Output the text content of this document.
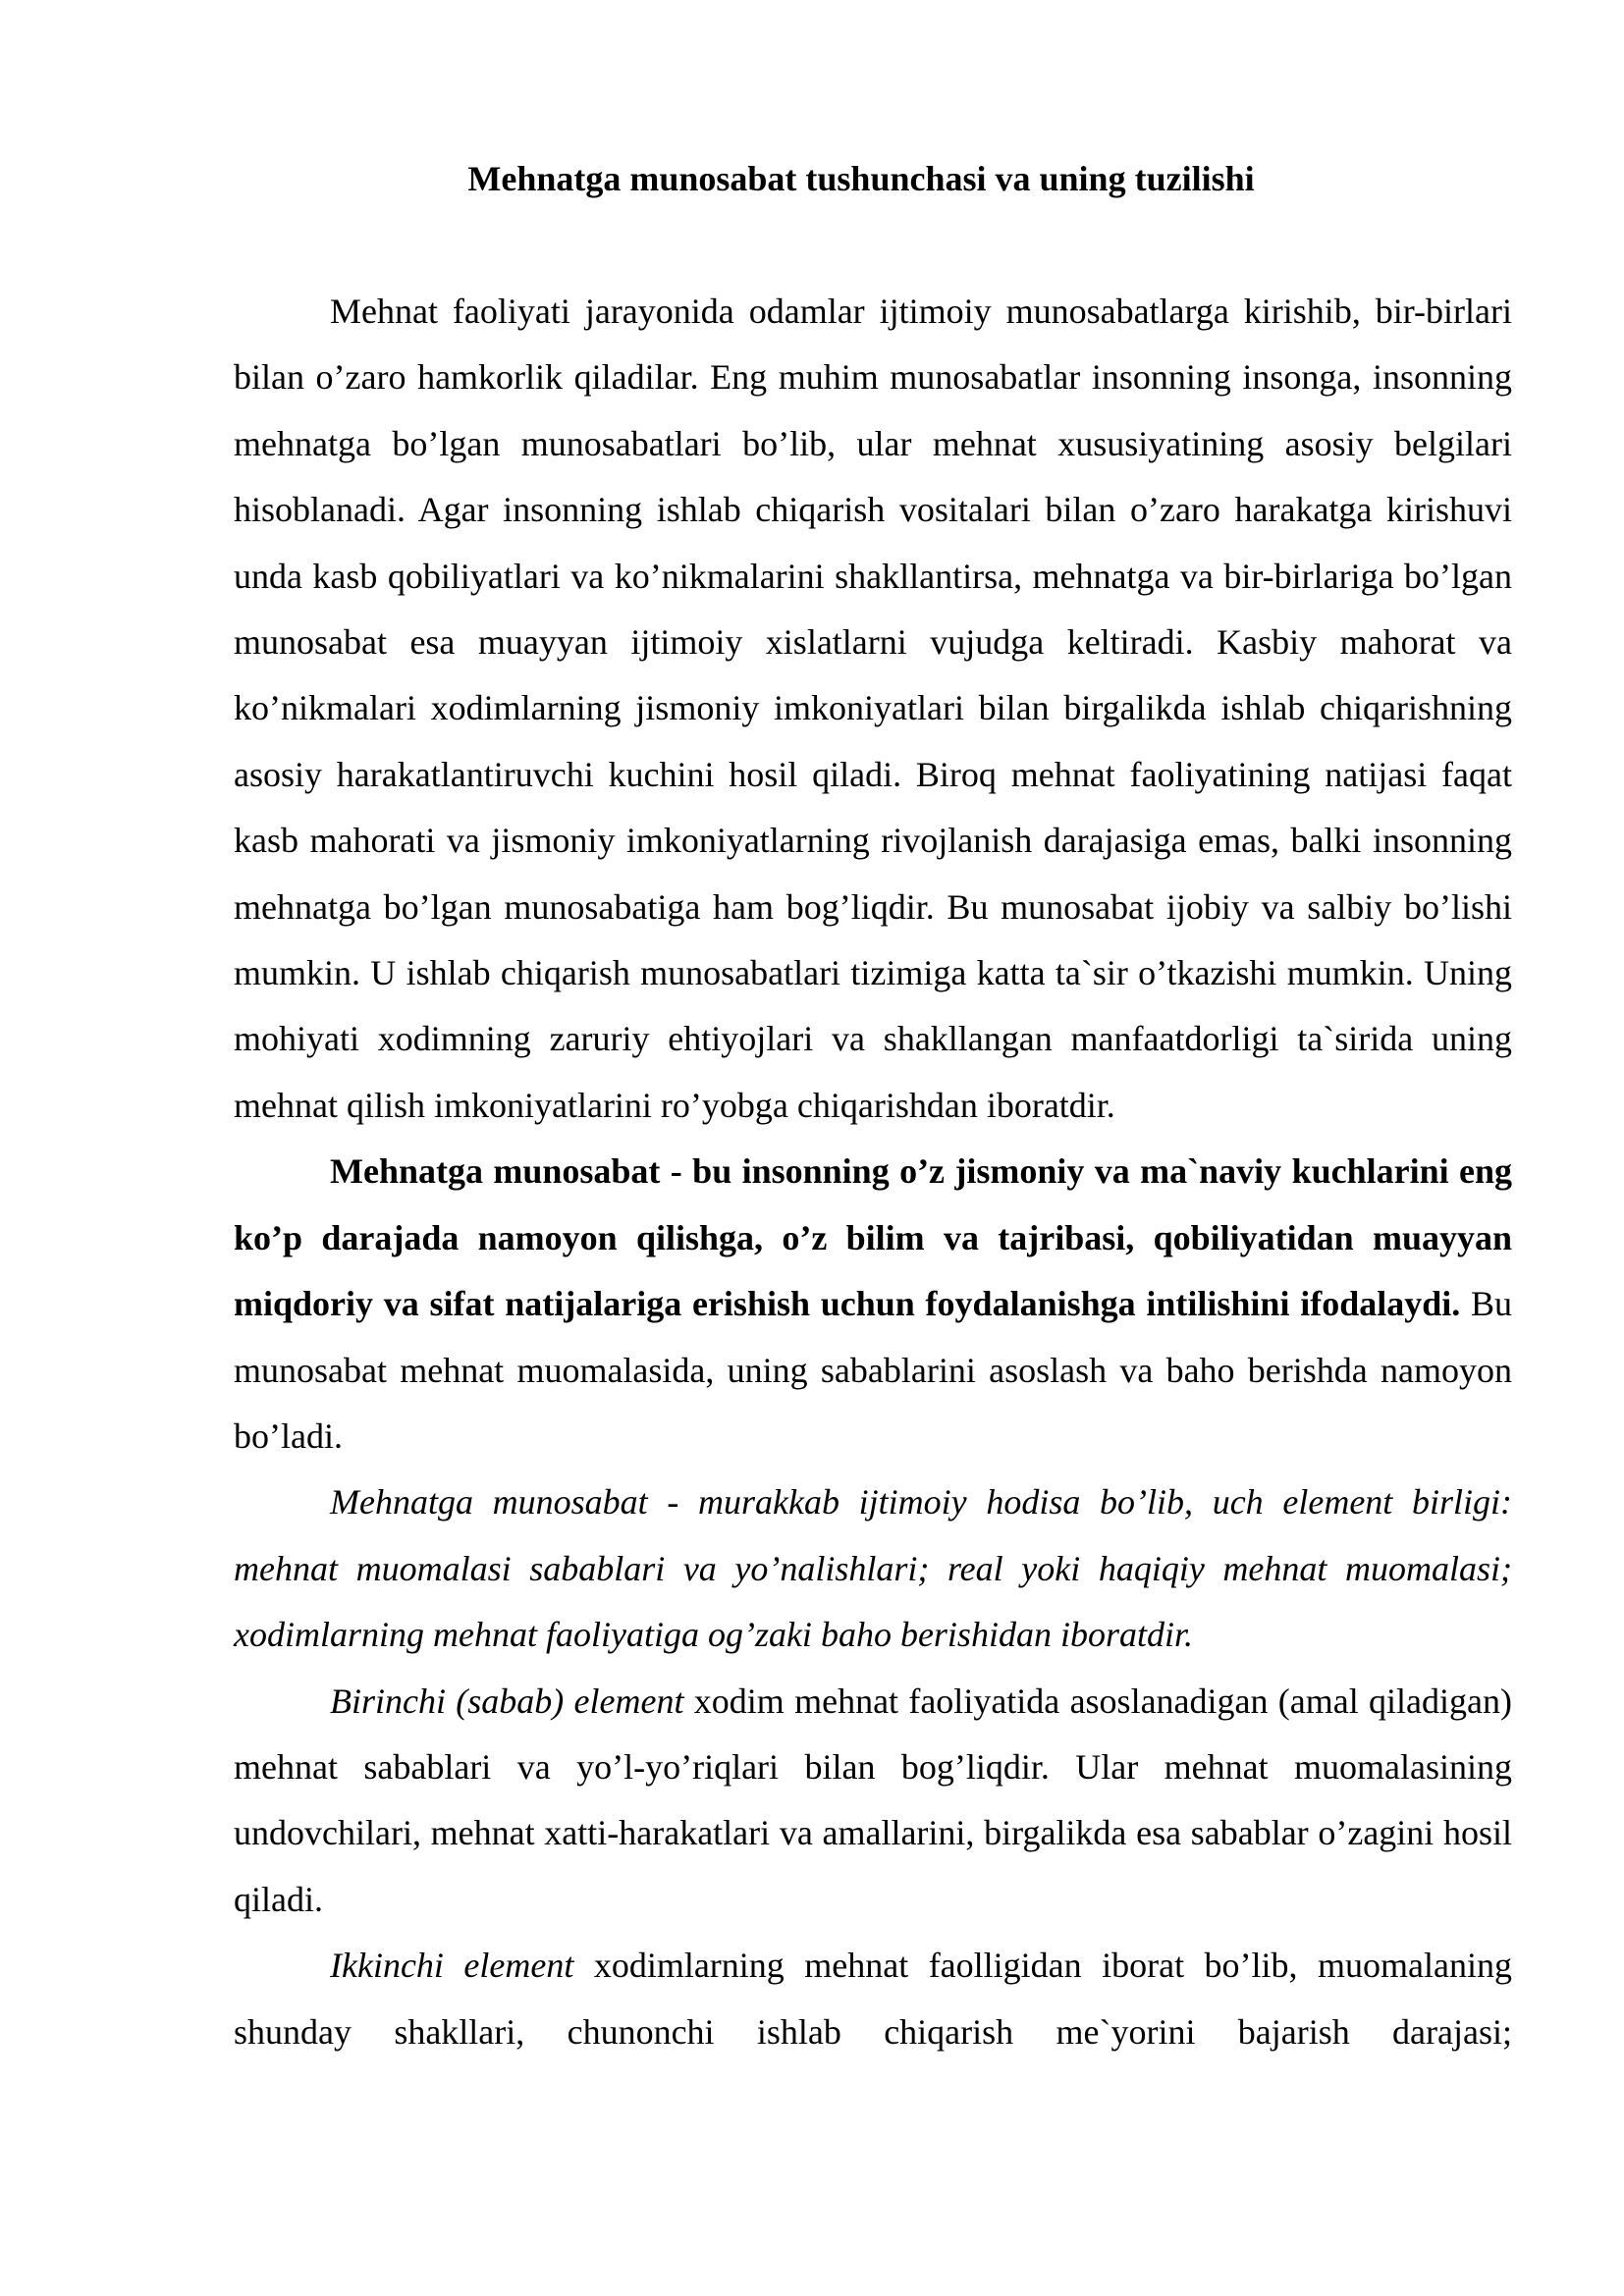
Mehnatga munosabat tushunchasi va uning tuzilishi

Mehnat faoliyati jarayonida odamlar ijtimoiy munosabatlarga kirishib, bir-birlari bilan o’zaro hamkorlik qiladilar. Eng muhim munosabatlar insonning insonga, insonning mehnatga bo’lgan munosabatlari bo’lib, ular mehnat xususiyatining asosiy belgilari hisoblanadi. Agar insonning ishlab chiqarish vositalari bilan o’zaro harakatga kirishuvi unda kasb qobiliyatlari va ko’nikmalarini shakllantirsa, mehnatga va bir-birlariga bo’lgan munosabat esa muayyan ijtimoiy xislatlarni vujudga keltiradi. Kasbiy mahorat va ko’nikmalari xodimlarning jismoniy imkoniyatlari bilan birgalikda ishlab chiqarishning asosiy harakatlantiruvchi kuchini hosil qiladi. Biroq mehnat faoliyatining natijasi faqat kasb mahorati va jismoniy imkoniyatlarning rivojlanish darajasiga emas, balki insonning mehnatga bo’lgan munosabatiga ham bog’liqdir. Bu munosabat ijobiy va salbiy bo’lishi mumkin. U ishlab chiqarish munosabatlari tizimiga katta ta`sir o’tkazishi mumkin. Uning mohiyati xodimning zaruriy ehtiyojlari va shakllangan manfaatdorligi ta`sirida uning mehnat qilish imkoniyatlarini ro’yobga chiqarishdan iboratdir.

Mehnatga munosabat - bu insonning o’z jismoniy va ma`naviy kuchlarini eng ko’p darajada namoyon qilishga, o’z bilim va tajribasi, qobiliyatidan muayyan miqdoriy va sifat natijalariga erishish uchun foydalanishga intilishini ifodalaydi. Bu munosabat mehnat muomalasida, uning sabablarini asoslash va baho berishda namoyon bo’ladi.

Mehnatga munosabat - murakkab ijtimoiy hodisa bo’lib, uch element birligi: mehnat muomalasi sabablari va yo’nalishlari; real yoki haqiqiy mehnat muomalasi; xodimlarning mehnat faoliyatiga og’zaki baho berishidan iboratdir.

Birinchi (sabab) element xodim mehnat faoliyatida asoslanadigan (amal qiladigan) mehnat sabablari va yo’l-yo’riqlari bilan bog’liqdir. Ular mehnat muomalasining undovchilari, mehnat xatti-harakatlari va amallarini, birgalikda esa sabablar o’zagini hosil qiladi.

Ikkinchi element xodimlarning mehnat faolligidan iborat bo’lib, muomalaning shunday shakllari, chunonchi ishlab chiqarish me`yorini bajarish darajasi;
